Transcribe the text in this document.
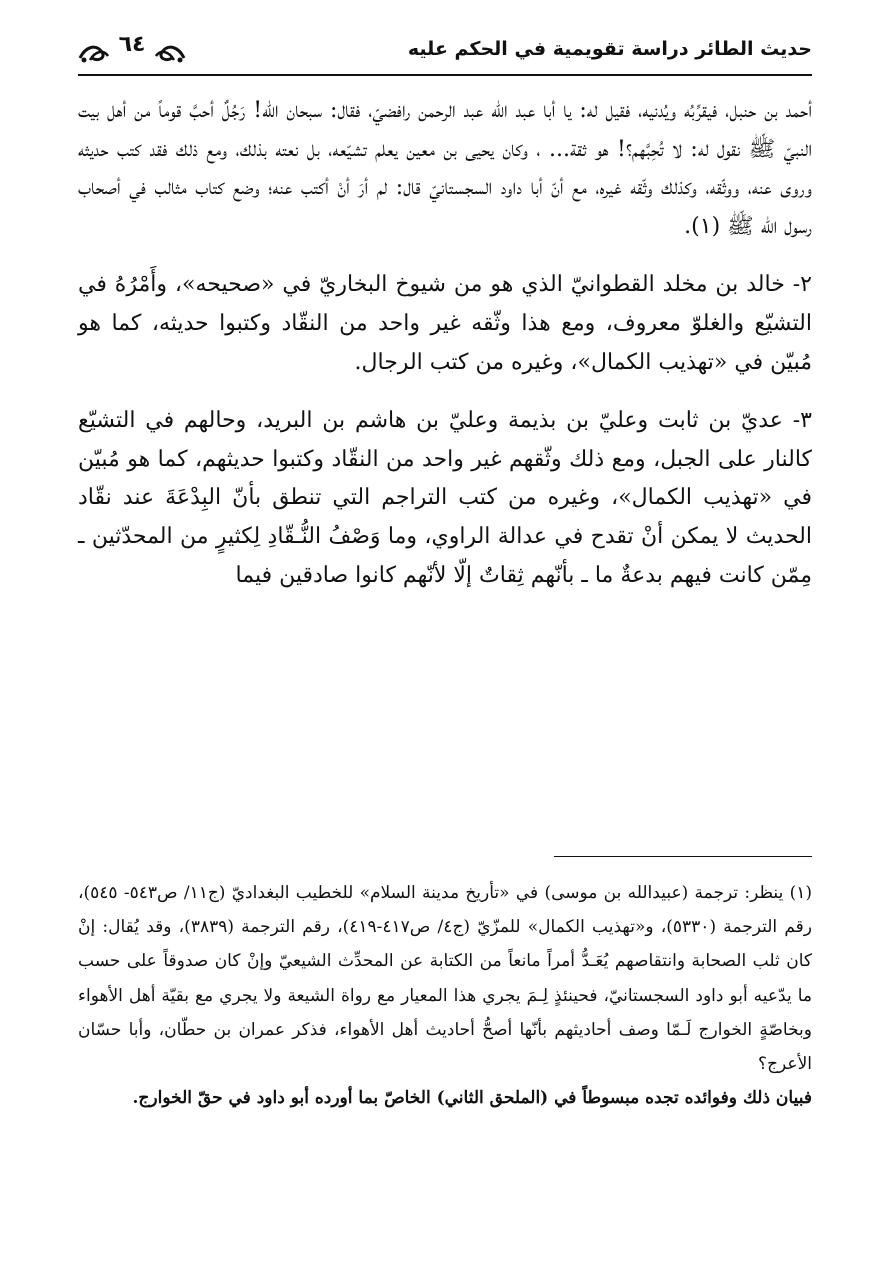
حديث الطائر دراسة تقويمية في الحكم عليه
٦٤

أحمد بن حنبل، فيقرِّبُه ويُدنيه، فقيل له: يا أبا عبد الله عبد الرحمن رافضيّ، فقال: سبحان الله! رَجُلٌ أحبَّ قوماً من أهل بيت النبيّ ﷺ نقول له: لا تُحِبَّهم؟! هو ثقة... ، وكان يحيى بن معين يعلم تشيّعه، بل نعته بذلك، ومع ذلك فقد كتب حديثه وروى عنه، ووثّقه، وكذلك وثّقه غيره، مع أنّ أبا داود السجستانيّ قال: لم أرَ أنْ أكتب عنه؛ وضع كتاب مثالب في أصحاب رسول الله ﷺ (١).

٢- خالد بن مخلد القطوانيّ الذي هو من شيوخ البخاريّ في «صحيحه»، وأَمْرُهُ في التشيّع والغلوّ معروف، ومع هذا وثّقه غير واحد من النقّاد وكتبوا حديثه، كما هو مُبيّن في «تهذيب الكمال»، وغيره من كتب الرجال.

٣- عديّ بن ثابت وعليّ بن بذيمة وعليّ بن هاشم بن البريد، وحالهم في التشيّع كالنار على الجبل، ومع ذلك وثّقهم غير واحد من النقّاد وكتبوا حديثهم، كما هو مُبيّن في «تهذيب الكمال»، وغيره من كتب التراجم التي تنطق بأنّ البِدْعَةَ عند نقّاد الحديث لا يمكن أنْ تقدح في عدالة الراوي، وما وَصْفُ النُّـقّادِ لِكثيرٍ من المحدّثين ـ مِمّن كانت فيهم بدعةٌ ما ـ بأنّهم ثِقاتٌ إلّا لأنّهم كانوا صادقين فيما

(١) ينظر: ترجمة (عبيدالله بن موسى) في «تأريخ مدينة السلام» للخطيب البغداديّ (ج١١/ ص٥٤٣- ٥٤٥)، رقم الترجمة (٥٣٣٠)، و«تهذيب الكمال» للمزّيّ (ج٤/ ص٤١٧-٤١٩)، رقم الترجمة (٣٨٣٩)، وقد يُقال: إنْ كان ثلب الصحابة وانتقاصهم يُعَـدُّ أمراً مانعاً من الكتابة عن المحدِّث الشيعيّ وإنْ كان صدوقاً على حسب ما يدّعيه أبو داود السجستانيّ، فحينئذٍ لِـمَ يجري هذا المعيار مع رواة الشيعة ولا يجري مع بقيّة أهل الأهواء وبخاصّةٍ الخوارج لَـمّا وصف أحاديثهم بأنّها أصحُّ أحاديث أهل الأهواء، فذكر عمران بن حطّان، وأبا حسّان الأعرج؟

فبيان ذلك وفوائده تجده مبسوطاً في (الملحق الثاني) الخاصّ بما أورده أبو داود في حقّ الخوارج.
